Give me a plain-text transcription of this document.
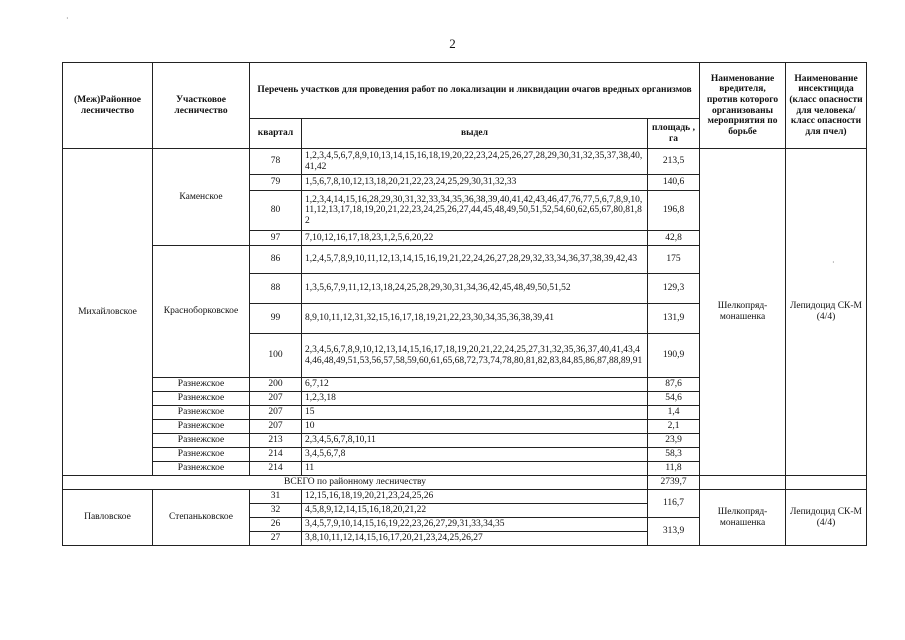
2
(Меж)Районное лесничество	Участковое лесничество	Перечень участков для проведения работ по локализации и ликвидации очагов вредных организмов			Наименование вредителя, против которого организованы мероприятия по борьбе	Наименование инсектицида (класс опасности для человека/класс опасности для пчел)
		квартал	выдел	площадь , га		
Михайловское	Каменское	78	1,2,3,4,5,6,7,8,9,10,13,14,15,16,18,19,20,22,23,24,25,26,27,28,29,30,31,32,35,37,38,40,41,42	213,5	Шелкопряд-монашенка	Лепидоцид СК-М (4/4)
		79	1,5,6,7,8,10,12,13,18,20,21,22,23,24,25,29,30,31,32,33	140,6		
		80	1,2,3,4,14,15,16,28,29,30,31,32,33,34,35,36,38,39,40,41,42,43,46,47,76,77,5,6,7,8,9,10,11,12,13,17,18,19,20,21,22,23,24,25,26,27,44,45,48,49,50,51,52,54,60,62,65,67,80,81,82	196,8		
		97	7,10,12,16,17,18,23,1,2,5,6,20,22	42,8		
	Красноборковское	86	1,2,4,5,7,8,9,10,11,12,13,14,15,16,19,21,22,24,26,27,28,29,32,33,34,36,37,38,39,42,43	175		
		88	1,3,5,6,7,9,11,12,13,18,24,25,28,29,30,31,34,36,42,45,48,49,50,51,52	129,3		
		99	8,9,10,11,12,31,32,15,16,17,18,19,21,22,23,30,34,35,36,38,39,41	131,9		
		100	2,3,4,5,6,7,8,9,10,12,13,14,15,16,17,18,19,20,21,22,24,25,27,31,32,35,36,37,40,41,43,44,46,48,49,51,53,56,57,58,59,60,61,65,68,72,73,74,78,80,81,82,83,84,85,86,87,88,89,91	190,9		
	Разнежское	200	6,7,12	87,6		
	Разнежское	207	1,2,3,18	54,6		
	Разнежское	207	15	1,4		
	Разнежское	207	10	2,1		
	Разнежское	213	2,3,4,5,6,7,8,10,11	23,9		
	Разнежское	214	3,4,5,6,7,8	58,3		
	Разнежское	214	11	11,8		
ВСЕГО по районному лесничеству				2739,7		
Павловское	Степаньковское	31	12,15,16,18,19,20,21,23,24,25,26	116,7	Шелкопряд-монашенка	Лепидоцид СК-М (4/4)
		32	4,5,8,9,12,14,15,16,18,20,21,22			
		26	3,4,5,7,9,10,14,15,16,19,22,23,26,27,29,31,33,34,35	313,9		
		27	3,8,10,11,12,14,15,16,17,20,21,23,24,25,26,27			
·
·
